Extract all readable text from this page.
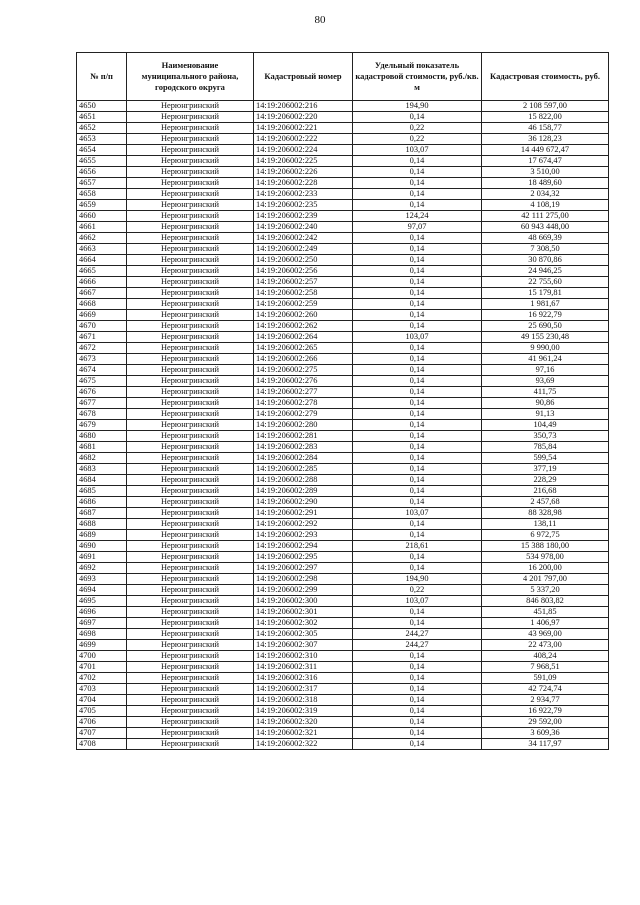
80
№ п/п	Наименование муниципального района, городского округа	Кадастровый номер	Удельный показатель кадастровой стоимости, руб./кв. м	Кадастровая стоимость, руб.
4650	Нерюнгринский	14:19:206002:216	194,90	2 108 597,00
4651	Нерюнгринский	14:19:206002:220	0,14	15 822,00
4652	Нерюнгринский	14:19:206002:221	0,22	46 158,77
4653	Нерюнгринский	14:19:206002:222	0,22	36 128,23
4654	Нерюнгринский	14:19:206002:224	103,07	14 449 672,47
4655	Нерюнгринский	14:19:206002:225	0,14	17 674,47
4656	Нерюнгринский	14:19:206002:226	0,14	3 510,00
4657	Нерюнгринский	14:19:206002:228	0,14	18 489,60
4658	Нерюнгринский	14:19:206002:233	0,14	2 034,32
4659	Нерюнгринский	14:19:206002:235	0,14	4 108,19
4660	Нерюнгринский	14:19:206002:239	124,24	42 111 275,00
4661	Нерюнгринский	14:19:206002:240	97,07	60 943 448,00
4662	Нерюнгринский	14:19:206002:242	0,14	48 669,39
4663	Нерюнгринский	14:19:206002:249	0,14	7 308,50
4664	Нерюнгринский	14:19:206002:250	0,14	30 870,86
4665	Нерюнгринский	14:19:206002:256	0,14	24 946,25
4666	Нерюнгринский	14:19:206002:257	0,14	22 755,60
4667	Нерюнгринский	14:19:206002:258	0,14	15 179,81
4668	Нерюнгринский	14:19:206002:259	0,14	1 981,67
4669	Нерюнгринский	14:19:206002:260	0,14	16 922,79
4670	Нерюнгринский	14:19:206002:262	0,14	25 690,50
4671	Нерюнгринский	14:19:206002:264	103,07	49 155 230,48
4672	Нерюнгринский	14:19:206002:265	0,14	9 990,00
4673	Нерюнгринский	14:19:206002:266	0,14	41 961,24
4674	Нерюнгринский	14:19:206002:275	0,14	97,16
4675	Нерюнгринский	14:19:206002:276	0,14	93,69
4676	Нерюнгринский	14:19:206002:277	0,14	411,75
4677	Нерюнгринский	14:19:206002:278	0,14	90,86
4678	Нерюнгринский	14:19:206002:279	0,14	91,13
4679	Нерюнгринский	14:19:206002:280	0,14	104,49
4680	Нерюнгринский	14:19:206002:281	0,14	350,73
4681	Нерюнгринский	14:19:206002:283	0,14	785,84
4682	Нерюнгринский	14:19:206002:284	0,14	599,54
4683	Нерюнгринский	14:19:206002:285	0,14	377,19
4684	Нерюнгринский	14:19:206002:288	0,14	228,29
4685	Нерюнгринский	14:19:206002:289	0,14	216,68
4686	Нерюнгринский	14:19:206002:290	0,14	2 457,68
4687	Нерюнгринский	14:19:206002:291	103,07	88 328,98
4688	Нерюнгринский	14:19:206002:292	0,14	138,11
4689	Нерюнгринский	14:19:206002:293	0,14	6 972,75
4690	Нерюнгринский	14:19:206002:294	218,61	15 388 180,00
4691	Нерюнгринский	14:19:206002:295	0,14	534 978,00
4692	Нерюнгринский	14:19:206002:297	0,14	16 200,00
4693	Нерюнгринский	14:19:206002:298	194,90	4 201 797,00
4694	Нерюнгринский	14:19:206002:299	0,22	5 337,20
4695	Нерюнгринский	14:19:206002:300	103,07	846 803,82
4696	Нерюнгринский	14:19:206002:301	0,14	451,85
4697	Нерюнгринский	14:19:206002:302	0,14	1 406,97
4698	Нерюнгринский	14:19:206002:305	244,27	43 969,00
4699	Нерюнгринский	14:19:206002:307	244,27	22 473,00
4700	Нерюнгринский	14:19:206002:310	0,14	408,24
4701	Нерюнгринский	14:19:206002:311	0,14	7 968,51
4702	Нерюнгринский	14:19:206002:316	0,14	591,09
4703	Нерюнгринский	14:19:206002:317	0,14	42 724,74
4704	Нерюнгринский	14:19:206002:318	0,14	2 934,77
4705	Нерюнгринский	14:19:206002:319	0,14	16 922,79
4706	Нерюнгринский	14:19:206002:320	0,14	29 592,00
4707	Нерюнгринский	14:19:206002:321	0,14	3 609,36
4708	Нерюнгринский	14:19:206002:322	0,14	34 117,97
